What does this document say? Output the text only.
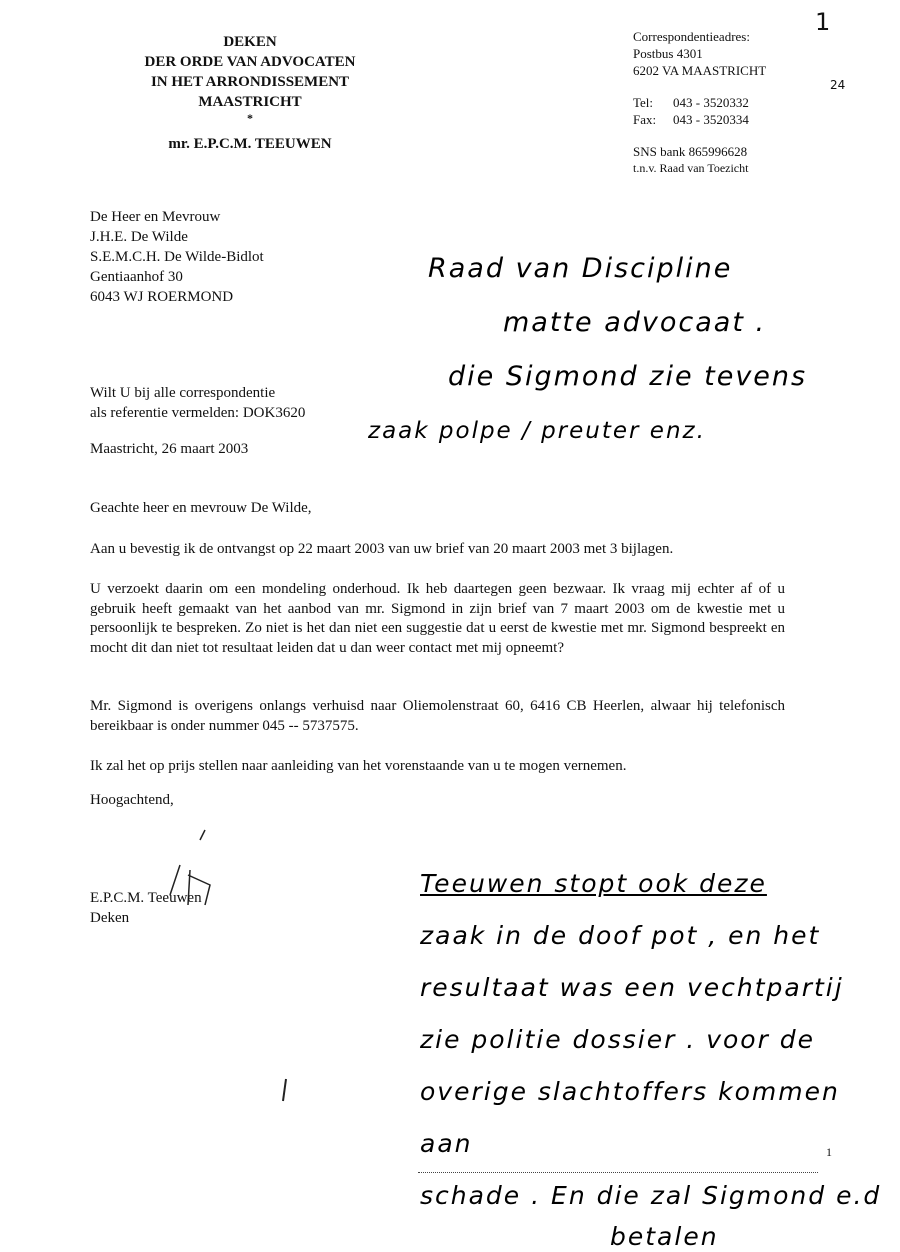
DEKEN
DER ORDE VAN ADVOCATEN
IN HET ARRONDISSEMENT
MAASTRICHT
*
mr. E.P.C.M. TEEUWEN
Correspondentieadres:
Postbus 4301
6202 VA MAASTRICHT
Tel:	043 - 3520332
Fax:	043 - 3520334
SNS bank 865996628
t.n.v. Raad van Toezicht
1
24
De Heer en Mevrouw
J.H.E. De Wilde
S.E.M.C.H. De Wilde-Bidlot
Gentiaanhof 30
6043 WJ ROERMOND
Raad van Discipline
matte advocaat .
die Sigmond zie tevens
zaak polpe / preuter enz.
Wilt U bij alle correspondentie
als referentie vermelden: DOK3620
Maastricht, 26 maart 2003
Geachte heer en mevrouw De Wilde,
Aan u bevestig ik de ontvangst op 22 maart 2003 van uw brief van 20 maart 2003 met 3 bijlagen.
U verzoekt daarin om een mondeling onderhoud. Ik heb daartegen geen bezwaar. Ik vraag mij echter af of u gebruik heeft gemaakt van het aanbod van mr. Sigmond in zijn brief van 7 maart 2003 om de kwestie met u persoonlijk te bespreken. Zo niet is het dan niet een suggestie dat u eerst de kwestie met mr. Sigmond bespreekt en mocht dit dan niet tot resultaat leiden dat u dan weer contact met mij opneemt?
Mr. Sigmond is overigens onlangs verhuisd naar Oliemolenstraat 60, 6416 CB Heerlen, alwaar hij telefonisch bereikbaar is onder nummer 045 -- 5737575.
Ik zal het op prijs stellen naar aanleiding van het vorenstaande van u te mogen vernemen.
Hoogachtend,
E.P.C.M. Teeuwen
Deken
Teeuwen stopt ook deze
zaak in de doof pot , en het
resultaat was een vechtpartij
zie politie dossier . voor de
overige slachtoffers kommen aan
schade . En die zal Sigmond e.d
betalen
1
